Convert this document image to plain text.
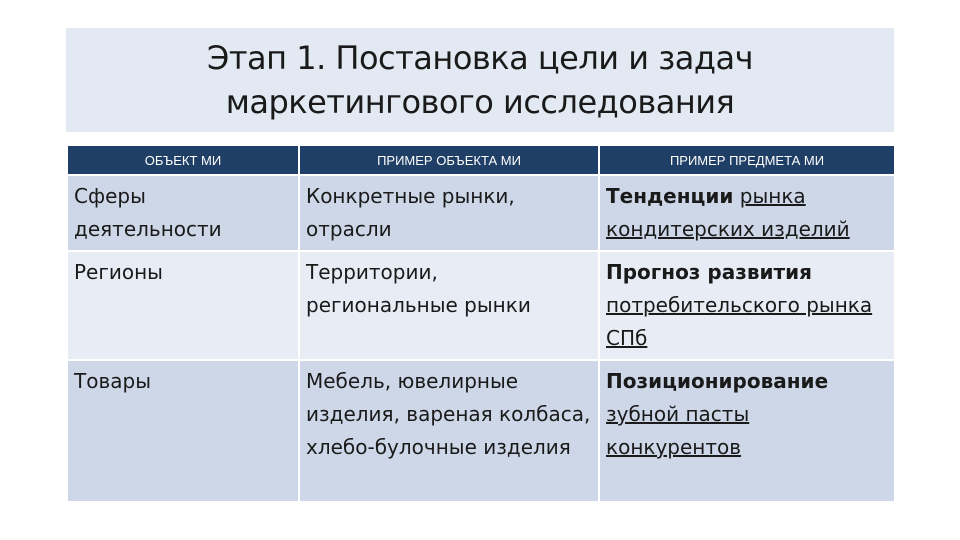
Этап 1. Постановка цели и задач
маркетингового исследования
ОБЪЕКТ МИ	ПРИМЕР ОБЪЕКТА МИ	ПРИМЕР ПРЕДМЕТА МИ
Сферы деятельности	Конкретные рынки, отрасли	Тенденции рынка кондитерских изделий
Регионы	Территории, региональные рынки	Прогноз развития потребительского рынка СПб
Товары	Мебель, ювелирные изделия, вареная колбаса, хлебо-булочные изделия	Позиционирование зубной пасты конкурентов
